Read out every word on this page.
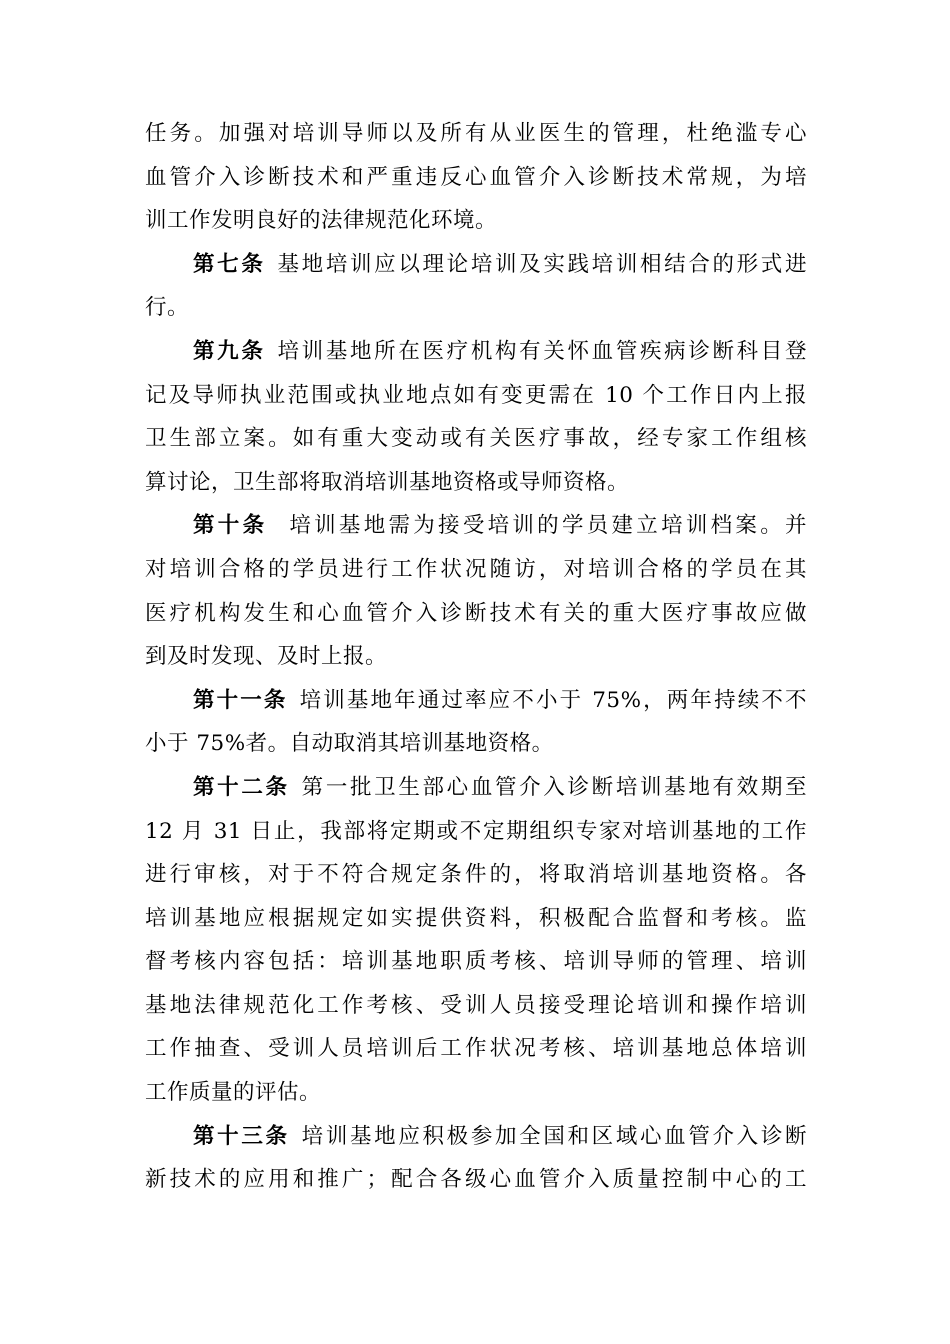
任务。加强对培训导师以及所有从业医生的管理，杜绝滥专心
血管介入诊断技术和严重违反心血管介入诊断技术常规，为培
训工作发明良好的法律规范化环境。
第七条 基地培训应以理论培训及实践培训相结合的形式进
行。
第九条 培训基地所在医疗机构有关怀血管疾病诊断科目登
记及导师执业范围或执业地点如有变更需在 10 个工作日内上报
卫生部立案。如有重大变动或有关医疗事故，经专家工作组核
算讨论，卫生部将取消培训基地资格或导师资格。
第十条 培训基地需为接受培训的学员建立培训档案。并
对培训合格的学员进行工作状况随访，对培训合格的学员在其
医疗机构发生和心血管介入诊断技术有关的重大医疗事故应做
到及时发现、及时上报。
第十一条 培训基地年通过率应不小于 75%，两年持续不不
小于 75%者。自动取消其培训基地资格。
第十二条 第一批卫生部心血管介入诊断培训基地有效期至
12 月 31 日止，我部将定期或不定期组织专家对培训基地的工作
进行审核，对于不符合规定条件的，将取消培训基地资格。各
培训基地应根据规定如实提供资料，积极配合监督和考核。监
督考核内容包括：培训基地职质考核、培训导师的管理、培训
基地法律规范化工作考核、受训人员接受理论培训和操作培训
工作抽查、受训人员培训后工作状况考核、培训基地总体培训
工作质量的评估。
第十三条 培训基地应积极参加全国和区域心血管介入诊断
新技术的应用和推广；配合各级心血管介入质量控制中心的工
